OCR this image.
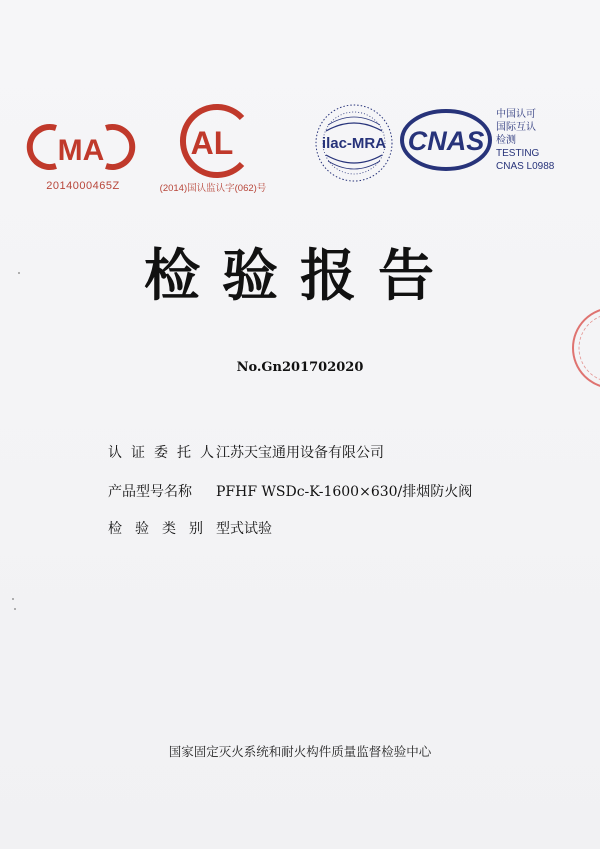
MA
2014000465Z
AL
(2014)国认监认字(062)号
ilac-MRA CNAS
中国认可
国际互认
检测
TESTING
CNAS L0988
检验报告
No.Gn201702020
认证委托人
江苏天宝通用设备有限公司
产品型号名称	PFHF WSDc-K-1600×630/排烟防火阀
检验类别 型式试验
国家固定灭火系统和耐火构件质量监督检验中心
